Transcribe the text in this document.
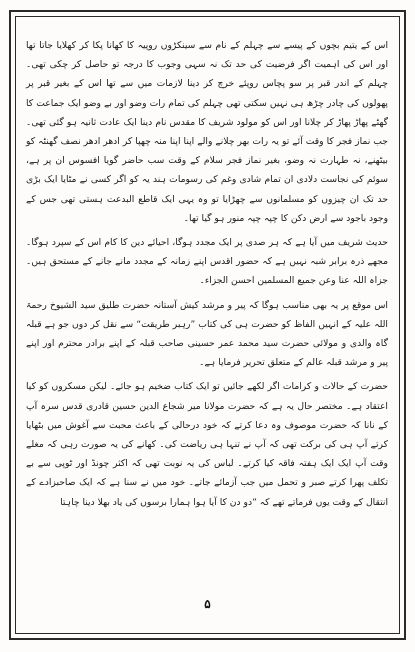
اس کے یتیم بچوں کے پیسے سے چہلم کے نام سے سینکڑوں روپیہ کا کھانا پکا کر کھلایا جاتا تھا اور اس کی اہمیت اگر فرضیت کی حد تک نہ سہی وجوب کا درجہ تو حاصل کر چکی تھی۔ چہلم کے اندر قبر پر سو پچاس روپئے خرچ کر دینا لازمات میں سے تھا اس کے بغیر قبر پر پھولوں کی چادر چڑھ ہی نہیں سکتی تھی چہلم کی تمام رات وضو اور بے وضو ایک جماعت کا گھٹے پھاڑ پھاڑ کر چلانا اور اس کو مولود شریف کا مقدس نام دینا ایک عادت ثانیہ ہو گئی تھی۔ جب نماز فجر کا وقت آئے تو یہ رات بھر چلانے والے اپنا اپنا منہ چھپا کر ادھر ادھر نصف گھنٹہ کو بیٹھنے، نہ طہارت نہ وضو، بغیر نماز فجر سلام کے وقت سب حاضر گویا افسوس ان پر ہے، سوئم کی نجاست دلادی ان تمام شادی وغم کی رسومات ہند یہ کو اگر کسی نے مٹایا ایک بڑی حد تک ان چیزوں کو مسلمانوں سے چھڑایا تو وہ یہی ایک قاطع البدعت ہستی تھی جس کے وجود باجود سے ارض دکن کا چپہ چپہ منور ہو گیا تھا۔

حدیث شریف میں آیا ہے کہ ہر صدی پر ایک مجدد ہوگا، احیائے دین کا کام اس کے سپرد ہوگا۔ مجھے ذرہ برابر شبہ نہیں ہے کہ حضور اقدس اپنے زمانہ کے مجدد مانے جانے کے مستحق ہیں۔ جزاہ اللہ عنا وعن جمیع المسلمین احسن الجزاء۔

اس موقع پر یہ بھی مناسب ہوگا کہ پیر و مرشد کیش آستانہ حضرت طلیق سید الشیوخ رحمۃ اللہ علیہ کے انہیں الفاظ کو حضرت ہی کی کتاب ”رہبر طریقت“ سے نقل کر دوں جو ہے قبلہ گاہ والدی و مولائی حضرت سید محمد عمر حسینی صاحب قبلہ کے اپنے برادر محترم اور اپنے پیر و مرشد قبلہ عالم کے متعلق تحریر فرمایا ہے۔

حضرت کے حالات و کرامات اگر لکھے جائیں تو ایک کتاب ضخیم ہو جائے۔ لیکن مسکروں کو کیا اعتقاد ہے۔ مختصر حال یہ ہے کہ حضرت مولانا میر شجاع الدین حسین قادری قدس سرہ آپ کے نانا کہ حضرت موصوف وہ دعا کرتے کہ خود درحالی کے باعث محبت سے آغوش میں بٹھایا کرتے آپ ہی کی برکت تھی کہ آپ نے تنہا ہی ریاضت کی۔ کھانے کی یہ صورت رہی کہ مغلے وقت آپ ایک ایک ہفتہ فاقہ کیا کرتے۔ لباس کی یہ نوبت تھی کہ اکثر چونڈ اور ٹوپی سے بے تکلف پھرا کرتے صبر و تحمل میں جب آزمائے جاتے۔ خود میں نے سنا ہے کہ ایک صاحبزادے کے انتقال کے وقت یوں فرماتے تھے کہ ”دو دن کا آیا ہوا ہمارا برسوں کی یاد بھلا دینا چاہتا

۵
